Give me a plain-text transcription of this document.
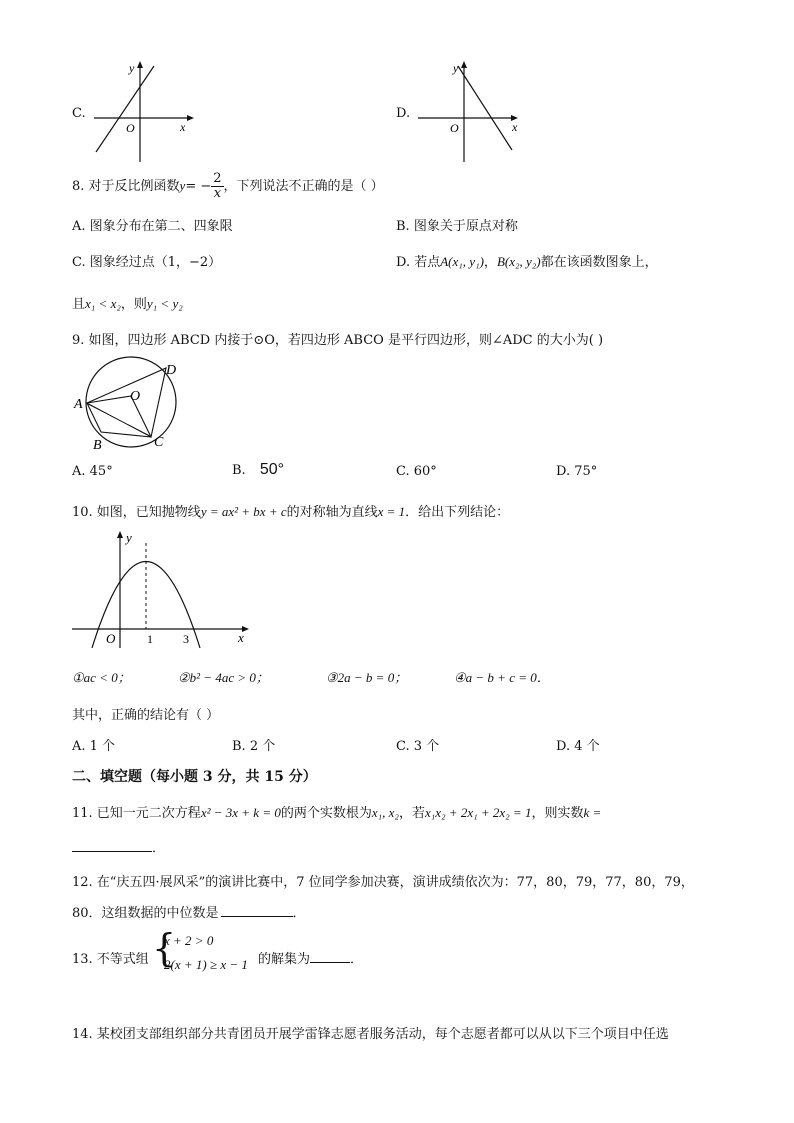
C.
x
y
O
D.
x
y
O
8. 对于反比例函数$y= - \frac{2}{x}$ ，下列说法不正确的是（ ）
A. 图象分布在第二、四象限	B. 图象关于原点对称
C. 图象经过点（1，−2）	D. 若点A(x₁, y₁)，B(x₂, y₂)都在该函数图象上，
且x₁ < x₂，则y₁ < y₂
9. 如图，四边形 ABCD 内接于⊙O，若四边形 ABCO 是平行四边形，则∠ADC 的大小为( )
A
B	C
D
O
A. 45°	B. 50°	C. 60°	D. 75°
10. 如图，已知抛物线y = ax² + bx + c的对称轴为直线x = 1．给出下列结论：
y
x
O	1	3
①ac < 0；	②b² − 4ac > 0；	③2a − b = 0；	④a − b + c = 0．
其中，正确的结论有（ ）
A. 1 个	B. 2 个	C. 3 个	D. 4 个
二、填空题（每小题 3 分，共 15 分）
11. 已知一元二次方程x² − 3x + k = 0的两个实数根为x₁, x₂，若x₁x₂ + 2x₁ + 2x₂ = 1，则实数k =
．
12. 在“庆五四·展风采”的演讲比赛中，7 位同学参加决赛，演讲成绩依次为：77，80，79，77，80，79，
80．这组数据的中位数是	．
13. 不等式组 {
x + 2 > 0
2(x + 1) ≥ x − 1 的解集为	．
14. 某校团支部组织部分共青团员开展学雷锋志愿者服务活动，每个志愿者都可以从以下三个项目中任选
